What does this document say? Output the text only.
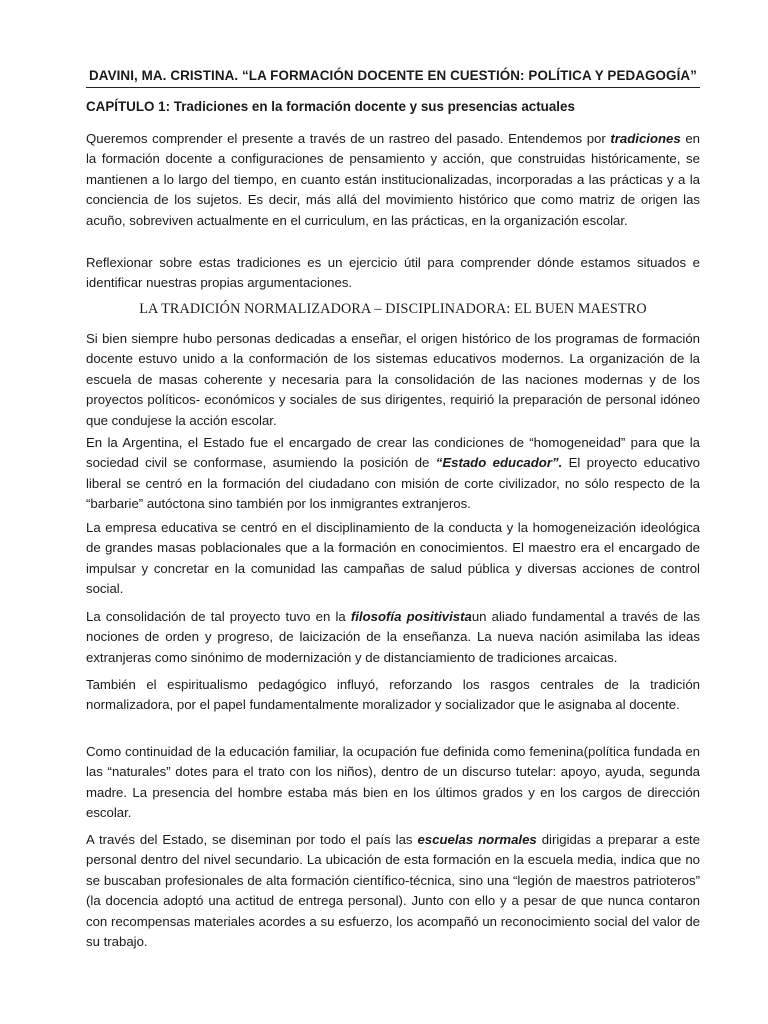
DAVINI, MA. CRISTINA. “LA FORMACIÓN DOCENTE EN CUESTIÓN: POLÍTICA Y PEDAGOGÍA”
CAPÍTULO 1: Tradiciones en la formación docente y sus presencias actuales

Queremos comprender el presente a través de un rastreo del pasado. Entendemos por tradiciones en la formación docente a configuraciones de pensamiento y acción, que construidas históricamente, se mantienen a lo largo del tiempo, en cuanto están institucionalizadas, incorporadas a las prácticas y a la conciencia de los sujetos. Es decir, más allá del movimiento histórico que como matriz de origen las acuño, sobreviven actualmente en el curriculum, en las prácticas, en la organización escolar.

Reflexionar sobre estas tradiciones es un ejercicio útil para comprender dónde estamos situados e identificar nuestras propias argumentaciones.

LA TRADICIÓN NORMALIZADORA – DISCIPLINADORA: EL BUEN MAESTRO

Si bien siempre hubo personas dedicadas a enseñar, el origen histórico de los programas de formación docente estuvo unido a la conformación de los sistemas educativos modernos. La organización de la escuela de masas coherente y necesaria para la consolidación de las naciones modernas y de los proyectos políticos- económicos y sociales de sus dirigentes, requirió la preparación de personal idóneo que condujese la acción escolar.

En la Argentina, el Estado fue el encargado de crear las condiciones de “homogeneidad” para que la sociedad civil se conformase, asumiendo la posición de “Estado educador”. El proyecto educativo liberal se centró en la formación del ciudadano con misión de corte civilizador, no sólo respecto de la “barbarie” autóctona sino también por los inmigrantes extranjeros.

La empresa educativa se centró en el disciplinamiento de la conducta y la homogeneización ideológica de grandes masas poblacionales que a la formación en conocimientos. El maestro era el encargado de impulsar y concretar en la comunidad las campañas de salud pública y diversas acciones de control social.

La consolidación de tal proyecto tuvo en la filosofía positivistaun aliado fundamental a través de las nociones de orden y progreso, de laicización de la enseñanza. La nueva nación asimilaba las ideas extranjeras como sinónimo de modernización y de distanciamiento de tradiciones arcaicas.

También el espiritualismo pedagógico influyó, reforzando los rasgos centrales de la tradición normalizadora, por el papel fundamentalmente moralizador y socializador que le asignaba al docente.

Como continuidad de la educación familiar, la ocupación fue definida como femenina(política fundada en las “naturales” dotes para el trato con los niños), dentro de un discurso tutelar: apoyo, ayuda, segunda madre. La presencia del hombre estaba más bien en los últimos grados y en los cargos de dirección escolar.

A través del Estado, se diseminan por todo el país las escuelas normales dirigidas a preparar a este personal dentro del nivel secundario. La ubicación de esta formación en la escuela media, indica que no se buscaban profesionales de alta formación científico-técnica, sino una “legión de maestros patrioteros” (la docencia adoptó una actitud de entrega personal). Junto con ello y a pesar de que nunca contaron con recompensas materiales acordes a su esfuerzo, los acompañó un reconocimiento social del valor de su trabajo.
